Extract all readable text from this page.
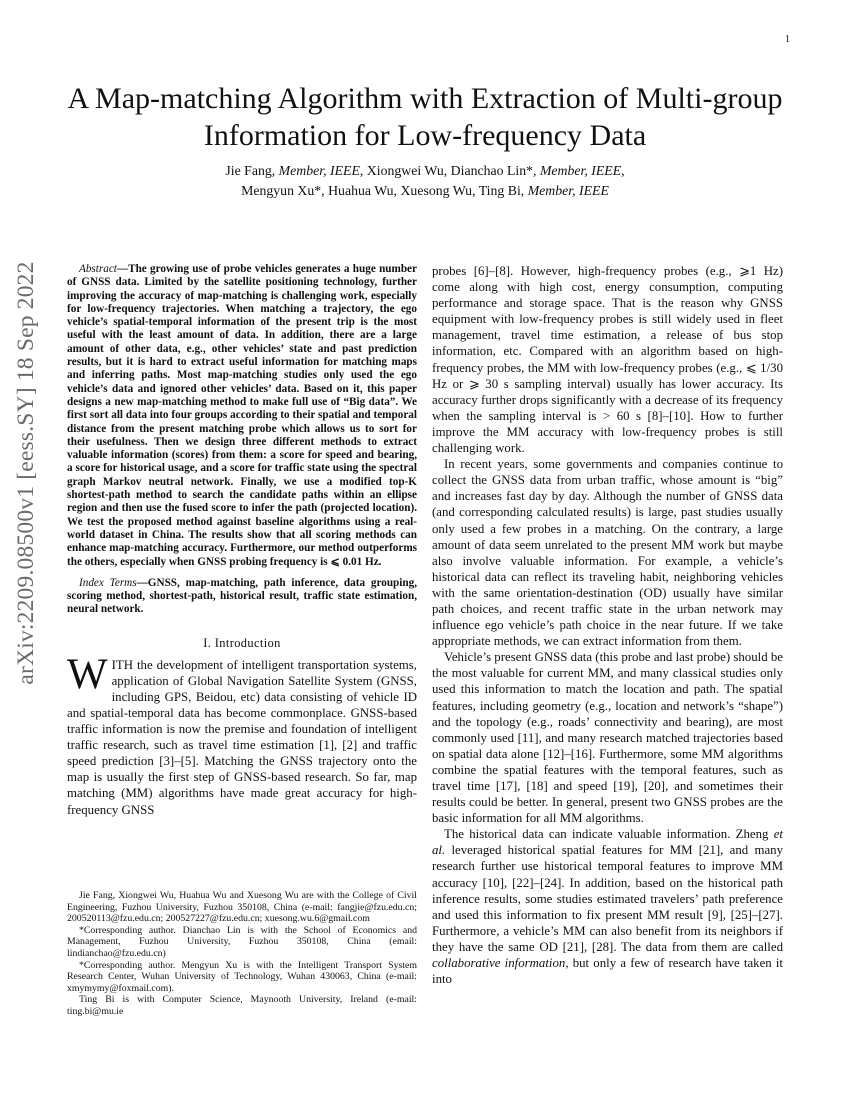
1
arXiv:2209.08500v1 [eess.SY] 18 Sep 2022
A Map-matching Algorithm with Extraction of Multi-group Information for Low-frequency Data
Jie Fang, Member, IEEE, Xiongwei Wu, Dianchao Lin*, Member, IEEE,
Mengyun Xu*, Huahua Wu, Xuesong Wu, Ting Bi, Member, IEEE

Abstract—The growing use of probe vehicles generates a huge number of GNSS data. Limited by the satellite positioning technology, further improving the accuracy of map-matching is challenging work, especially for low-frequency trajectories. When matching a trajectory, the ego vehicle’s spatial-temporal information of the present trip is the most useful with the least amount of data. In addition, there are a large amount of other data, e.g., other vehicles’ state and past prediction results, but it is hard to extract useful information for matching maps and inferring paths. Most map-matching studies only used the ego vehicle’s data and ignored other vehicles’ data. Based on it, this paper designs a new map-matching method to make full use of “Big data”. We first sort all data into four groups according to their spatial and temporal distance from the present matching probe which allows us to sort for their usefulness. Then we design three different methods to extract valuable information (scores) from them: a score for speed and bearing, a score for historical usage, and a score for traffic state using the spectral graph Markov neutral network. Finally, we use a modified top-K shortest-path method to search the candidate paths within an ellipse region and then use the fused score to infer the path (projected location). We test the proposed method against baseline algorithms using a real-world dataset in China. The results show that all scoring methods can enhance map-matching accuracy. Furthermore, our method outperforms the others, especially when GNSS probing frequency is ⩽ 0.01 Hz.

Index Terms—GNSS, map-matching, path inference, data grouping, scoring method, shortest-path, historical result, traffic state estimation, neural network.

I. Introduction

WITH the development of intelligent transportation systems, application of Global Navigation Satellite System (GNSS, including GPS, Beidou, etc) data consisting of vehicle ID and spatial-temporal data has become commonplace. GNSS-based traffic information is now the premise and foundation of intelligent traffic research, such as travel time estimation [1], [2] and traffic speed prediction [3]–[5]. Matching the GNSS trajectory onto the map is usually the first step of GNSS-based research. So far, map matching (MM) algorithms have made great accuracy for high-frequency GNSS

Jie Fang, Xiongwei Wu, Huahua Wu and Xuesong Wu are with the College of Civil Engineering, Fuzhou University, Fuzhou 350108, China (e-mail: fangjie@fzu.edu.cn; 200520113@fzu.edu.cn; 200527227@fzu.edu.cn; xuesong.wu.6@gmail.com

*Corresponding author. Dianchao Lin is with the School of Economics and Management, Fuzhou University, Fuzhou 350108, China (email: lindianchao@fzu.edu.cn)

*Corresponding author. Mengyun Xu is with the Intelligent Transport System Research Center, Wuhan University of Technology, Wuhan 430063, China (e-mail: xmymymy@foxmail.com).

Ting Bi is with Computer Science, Maynooth University, Ireland (e-mail: ting.bi@mu.ie

probes [6]–[8]. However, high-frequency probes (e.g., ⩾1 Hz) come along with high cost, energy consumption, computing performance and storage space. That is the reason why GNSS equipment with low-frequency probes is still widely used in fleet management, travel time estimation, a release of bus stop information, etc. Compared with an algorithm based on high-frequency probes, the MM with low-frequency probes (e.g., ⩽ 1/30 Hz or ⩾ 30 s sampling interval) usually has lower accuracy. Its accuracy further drops significantly with a decrease of its frequency when the sampling interval is > 60 s [8]–[10]. How to further improve the MM accuracy with low-frequency probes is still challenging work.

In recent years, some governments and companies continue to collect the GNSS data from urban traffic, whose amount is “big” and increases fast day by day. Although the number of GNSS data (and corresponding calculated results) is large, past studies usually only used a few probes in a matching. On the contrary, a large amount of data seem unrelated to the present MM work but maybe also involve valuable information. For example, a vehicle’s historical data can reflect its traveling habit, neighboring vehicles with the same orientation-destination (OD) usually have similar path choices, and recent traffic state in the urban network may influence ego vehicle’s path choice in the near future. If we take appropriate methods, we can extract information from them.

Vehicle’s present GNSS data (this probe and last probe) should be the most valuable for current MM, and many classical studies only used this information to match the location and path. The spatial features, including geometry (e.g., location and network’s “shape”) and the topology (e.g., roads’ connectivity and bearing), are most commonly used [11], and many research matched trajectories based on spatial data alone [12]–[16]. Furthermore, some MM algorithms combine the spatial features with the temporal features, such as travel time [17], [18] and speed [19], [20], and sometimes their results could be better. In general, present two GNSS probes are the basic information for all MM algorithms.

The historical data can indicate valuable information. Zheng et al. leveraged historical spatial features for MM [21], and many research further use historical temporal features to improve MM accuracy [10], [22]–[24]. In addition, based on the historical path inference results, some studies estimated travelers’ path preference and used this information to fix present MM result [9], [25]–[27]. Furthermore, a vehicle’s MM can also benefit from its neighbors if they have the same OD [21], [28]. The data from them are called collaborative information, but only a few of research have taken it into
